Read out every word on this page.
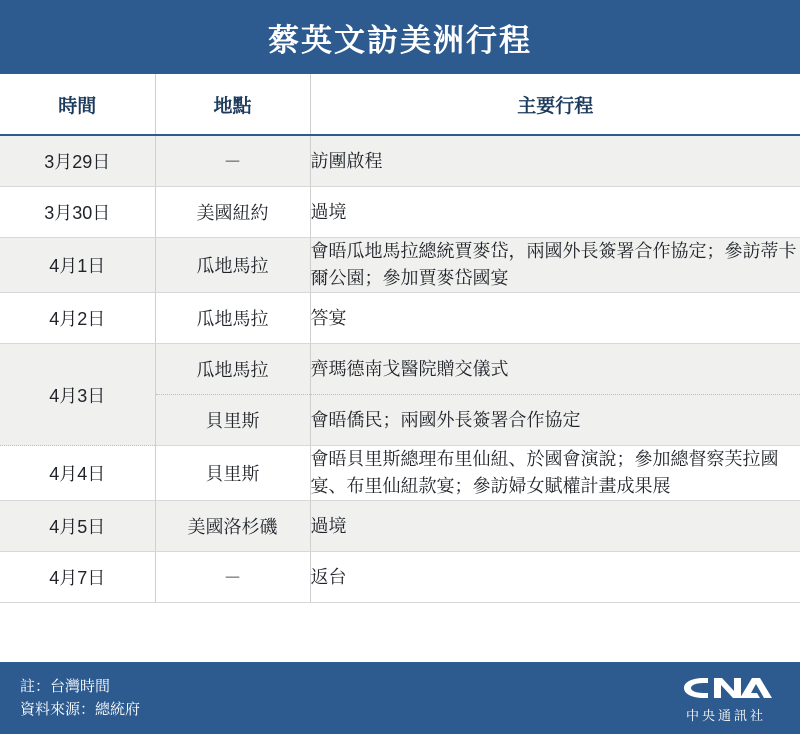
蔡英文訪美洲行程
時間	地點	主要行程
3月29日	－	訪團啟程
3月30日	美國紐約	過境
4月1日	瓜地馬拉	會晤瓜地馬拉總統賈麥岱，兩國外長簽署合作協定；參訪蒂卡爾公園；參加賈麥岱國宴
4月2日	瓜地馬拉	答宴
4月3日	瓜地馬拉	齊瑪德南戈醫院贈交儀式
	貝里斯	會晤僑民；兩國外長簽署合作協定
4月4日	貝里斯	會晤貝里斯總理布里仙紐、於國會演說；參加總督察芙拉國宴、布里仙紐款宴；參訪婦女賦權計畫成果展
4月5日	美國洛杉磯	過境
4月7日	－	返台
註：台灣時間
資料來源：總統府	中央通訊社
